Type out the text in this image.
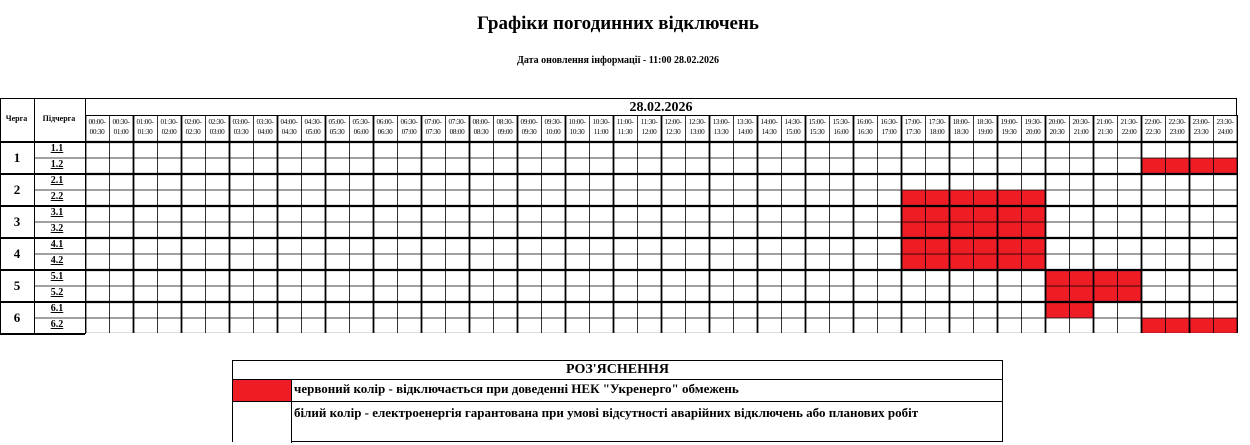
Графіки погодинних відключень
Дата оновлення інформації - 11:00 28.02.2026
Черга	Підчерга
1
1.1
1.2
2
2.1
2.2
3
3.1
3.2
4
4.1
4.2
5
5.1
5.2
6
6.1
6.2
28.02.2026
00:00-
00:30
00:30-
01:00
01:00-
01:30
01:30-
02:00
02:00-
02:30
02:30-
03:00
03:00-
03:30
03:30-
04:00
04:00-
04:30
04:30-
05:00
05:00-
05:30
05:30-
06:00
06:00-
06:30
06:30-
07:00
07:00-
07:30
07:30-
08:00
08:00-
08:30
08:30-
09:00
09:00-
09:30
09:30-
10:00
10:00-
10:30
10:30-
11:00
11:00-
11:30
11:30-
12:00
12:00-
12:30
12:30-
13:00
13:00-
13:30
13:30-
14:00
14:00-
14:30
14:30-
15:00
15:00-
15:30
15:30-
16:00
16:00-
16:30
16:30-
17:00
17:00-
17:30
17:30-
18:00
18:00-
18:30
18:30-
19:00
19:00-
19:30
19:30-
20:00
20:00-
20:30
20:30-
21:00
21:00-
21:30
21:30-
22:00
22:00-
22:30
22:30-
23:00
23:00-
23:30
23:30-
24:00
РОЗ'ЯСНЕННЯ
червоний колір - відключається при доведенні НЕК "Укренерго" обмежень
білий колір - електроенергія гарантована при умові відсутності аварійних відключень або планових робіт
